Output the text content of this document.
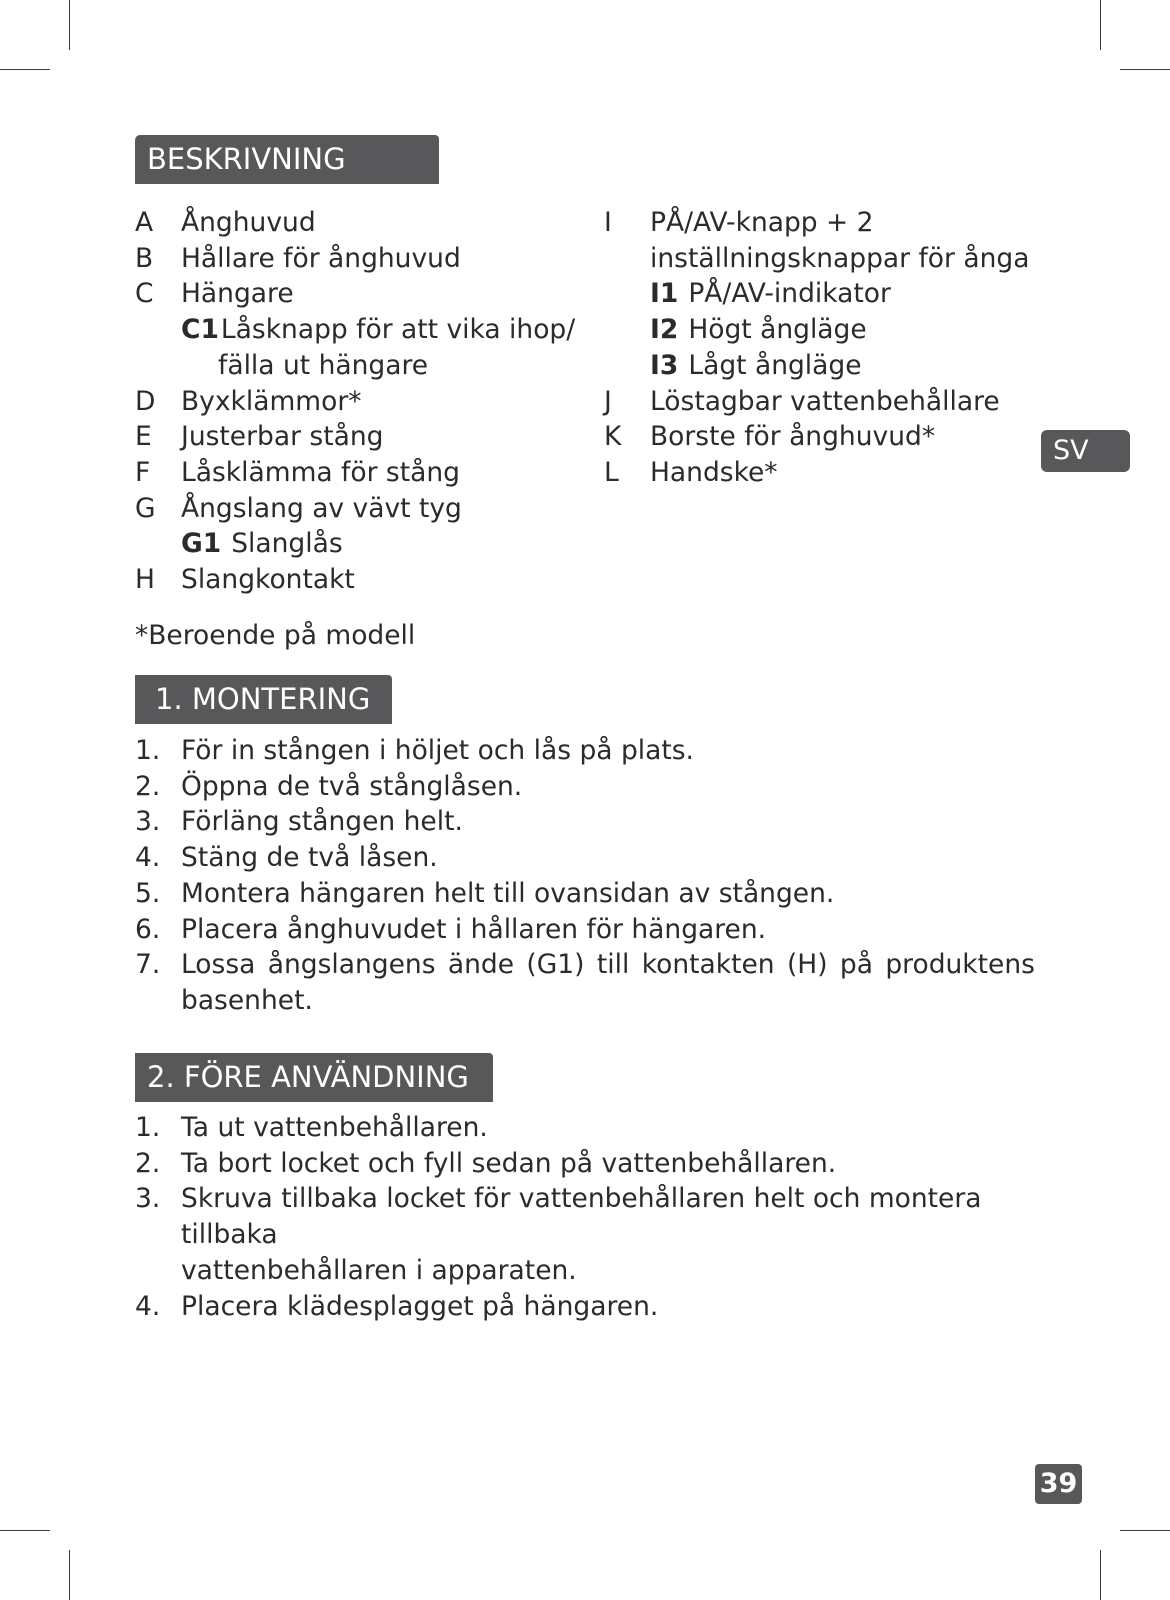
BESKRIVNING
A	Ånghuvud
B	Hållare för ånghuvud
C	Hängare
C1 Låsknapp för att vika ihop/
fälla ut hängare
D Byxklämmor*
E	Justerbar stång
F	Låsklämma för stång
G Ångslang av vävt tyg
G1 Slanglås
H Slangkontakt
I	PÅ/AV-knapp + 2
inställningsknappar för ånga
I1 PÅ/AV-indikator
I2 Högt ångläge
I3 Lågt ångläge
J	Löstagbar vattenbehållare
K	Borste för ånghuvud*
L	Handske*
*Beroende på modell
1. MONTERING
1. För in stången i höljet och lås på plats.
2. Öppna de två stånglåsen.
3. Förläng stången helt.
4. Stäng de två låsen.
5. Montera hängaren helt till ovansidan av stången.
6. Placera ånghuvudet i hållaren för hängaren.
7. Lossa ångslangens ände (G1) till kontakten (H) på produktens
basenhet.
2. FÖRE ANVÄNDNING
1. Ta ut vattenbehållaren.
2. Ta bort locket och fyll sedan på vattenbehållaren.
3. Skruva tillbaka locket för vattenbehållaren helt och montera tillbaka
vattenbehållaren i apparaten.
4. Placera klädesplagget på hängaren.
SV
39
